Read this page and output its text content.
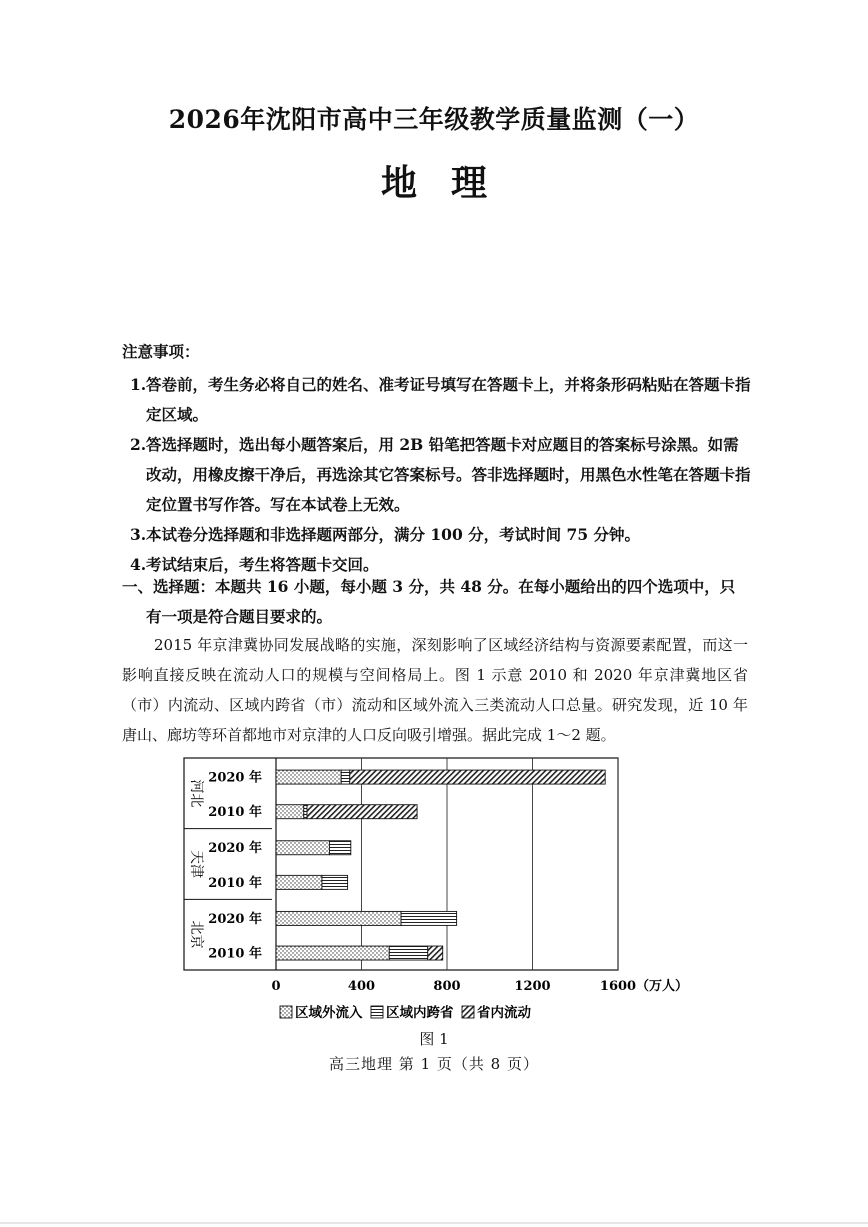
2026年沈阳市高中三年级教学质量监测（一）
地理
注意事项：
1. 答卷前，考生务必将自己的姓名、准考证号填写在答题卡上，并将条形码粘贴在答题卡指定区域。
2. 答选择题时，选出每小题答案后，用 2B 铅笔把答题卡对应题目的答案标号涂黑。如需改动，用橡皮擦干净后，再选涂其它答案标号。答非选择题时，用黑色水性笔在答题卡指定位置书写作答。写在本试卷上无效。
3. 本试卷分选择题和非选择题两部分，满分 100 分，考试时间 75 分钟。
4. 考试结束后，考生将答题卡交回。
一、选择题：本题共 16 小题，每小题 3 分，共 48 分。在每小题给出的四个选项中，只
有一项是符合题目要求的。

2015 年京津冀协同发展战略的实施，深刻影响了区域经济结构与资源要素配置，而这一影响直接反映在流动人口的规模与空间格局上。图 1 示意 2010 和 2020 年京津冀地区省（市）内流动、区域内跨省（市）流动和区域外流入三类流动人口总量。研究发现，近 10 年唐山、廊坊等环首都地市对京津的人口反向吸引增强。据此完成 1～2 题。

河北
2020 年
2010 年
天津
2020 年
2010 年
北京
2020 年
2010 年
0	400	800	1200	1600 （万人）
区域外流入 区域内跨省 省内流动
图 1
高三地理 第 1 页（共 8 页）
